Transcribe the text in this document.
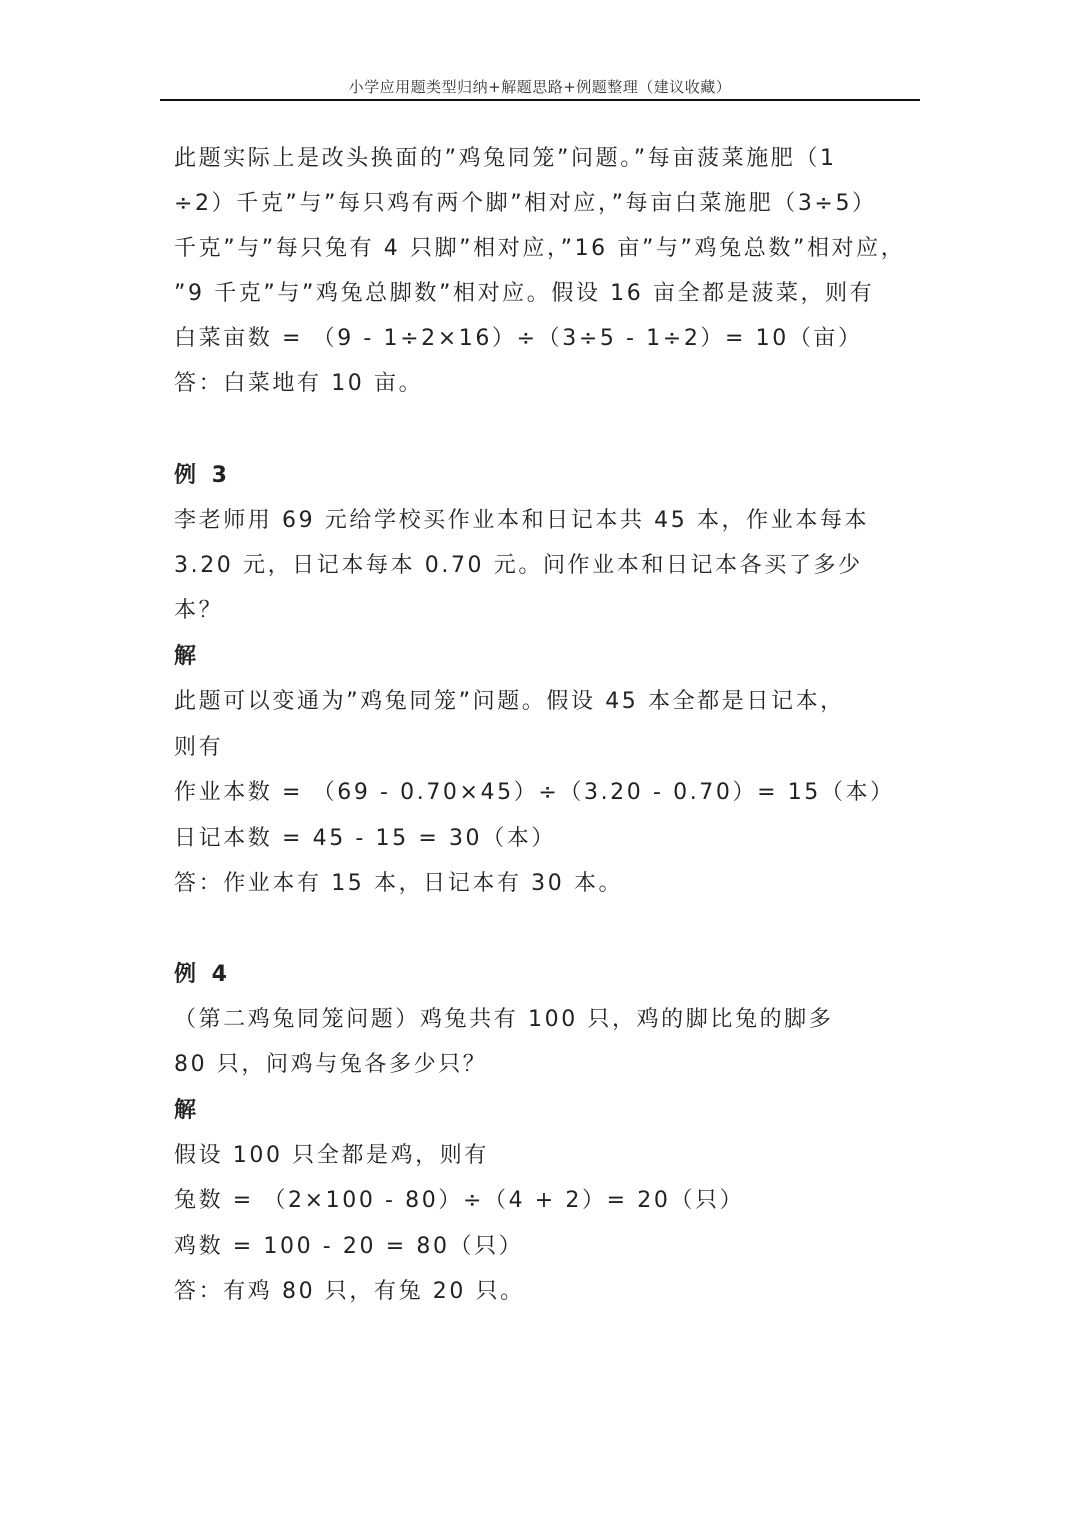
小学应用题类型归纳+解题思路+例题整理（建议收藏）
此题实际上是改头换面的”鸡兔同笼”问题。”每亩菠菜施肥（1
÷2）千克”与”每只鸡有两个脚”相对应，”每亩白菜施肥（3÷5）
千克”与”每只兔有 4 只脚”相对应，”16 亩”与”鸡兔总数”相对应，
”9 千克”与”鸡兔总脚数”相对应。假设 16 亩全都是菠菜，则有
白菜亩数 = （9 - 1÷2×16）÷（3÷5 - 1÷2）= 10（亩）
答：白菜地有 10 亩。
例 3
李老师用 69 元给学校买作业本和日记本共 45 本，作业本每本
3.20 元，日记本每本 0.70 元。问作业本和日记本各买了多少
本？
解
此题可以变通为”鸡兔同笼”问题。假设 45 本全都是日记本，
则有
作业本数 = （69 - 0.70×45）÷（3.20 - 0.70）= 15（本）
日记本数 = 45 - 15 = 30（本）
答：作业本有 15 本，日记本有 30 本。
例 4
（第二鸡兔同笼问题）鸡兔共有 100 只，鸡的脚比兔的脚多
80 只，问鸡与兔各多少只？
解
假设 100 只全都是鸡，则有
兔数 = （2×100 - 80）÷（4 + 2）= 20（只）
鸡数 = 100 - 20 = 80（只）
答：有鸡 80 只，有兔 20 只。
